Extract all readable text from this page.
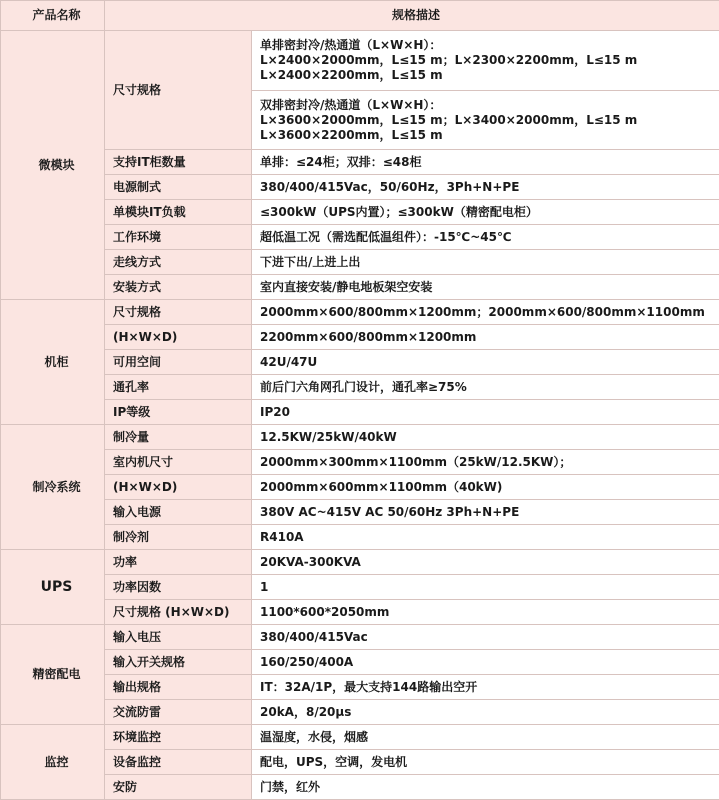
产品名称	规格描述	
微模块	尺寸规格	单排密封冷/热通道（L×W×H）：
L×2400×2000mm，L≤15 m；L×2300×2200mm，L≤15 m
L×2400×2200mm，L≤15 m

		双排密封冷/热通道（L×W×H）：
L×3600×2000mm，L≤15 m；L×3400×2000mm，L≤15 m
L×3600×2200mm，L≤15 m

	支持IT柜数量	单排：≤24柜；双排：≤48柜
	电源制式	380/400/415Vac，50/60Hz，3Ph+N+PE
	单模块IT负载	≤300kW（UPS内置）；≤300kW（精密配电柜）
	工作环境	超低温工况（需选配低温组件）：-15℃~45℃
	走线方式	下进下出/上进上出
	安装方式	室内直接安装/静电地板架空安装
机柜	尺寸规格	2000mm×600/800mm×1200mm；2000mm×600/800mm×1100mm
	(H×W×D)	2200mm×600/800mm×1200mm
	可用空间	42U/47U
	通孔率	前后门六角网孔门设计，通孔率≥75%
	IP等级	IP20
制冷系统	制冷量	12.5KW/25kW/40kW
	室内机尺寸	2000mm×300mm×1100mm（25kW/12.5KW）；
	(H×W×D)	2000mm×600mm×1100mm（40kW)
	输入电源	380V AC~415V AC 50/60Hz 3Ph+N+PE
	制冷剂	R410A
UPS	功率	20KVA-300KVA
	功率因数	1
	尺寸规格 (H×W×D)	1100*600*2050mm
精密配电	输入电压	380/400/415Vac
	输入开关规格	160/250/400A
	输出规格	IT：32A/1P，最大支持144路输出空开
	交流防雷	20kA，8/20μs
监控	环境监控	温湿度，水侵，烟感
	设备监控	配电，UPS，空调，发电机
	安防	门禁，红外
